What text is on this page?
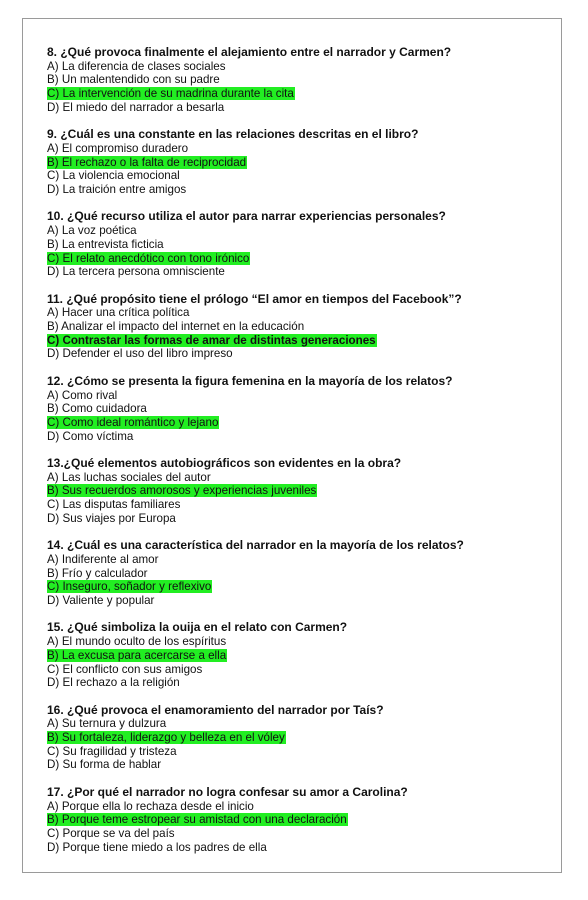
8. ¿Qué provoca finalmente el alejamiento entre el narrador y Carmen?
A) La diferencia de clases sociales
B) Un malentendido con su padre
C) La intervención de su madrina durante la cita
D) El miedo del narrador a besarla
9. ¿Cuál es una constante en las relaciones descritas en el libro?
A) El compromiso duradero
B) El rechazo o la falta de reciprocidad
C) La violencia emocional
D) La traición entre amigos
10. ¿Qué recurso utiliza el autor para narrar experiencias personales?
A) La voz poética
B) La entrevista ficticia
C) El relato anecdótico con tono irónico
D) La tercera persona omnisciente
11. ¿Qué propósito tiene el prólogo “El amor en tiempos del Facebook”?
A) Hacer una crítica política
B) Analizar el impacto del internet en la educación
C) Contrastar las formas de amar de distintas generaciones
D) Defender el uso del libro impreso
12. ¿Cómo se presenta la figura femenina en la mayoría de los relatos?
A) Como rival
B) Como cuidadora
C) Como ideal romántico y lejano
D) Como víctima
13.¿Qué elementos autobiográficos son evidentes en la obra?
A) Las luchas sociales del autor
B) Sus recuerdos amorosos y experiencias juveniles
C) Las disputas familiares
D) Sus viajes por Europa
14. ¿Cuál es una característica del narrador en la mayoría de los relatos?
A) Indiferente al amor
B) Frío y calculador
C) Inseguro, soñador y reflexivo
D) Valiente y popular
15. ¿Qué simboliza la ouija en el relato con Carmen?
A) El mundo oculto de los espíritus
B) La excusa para acercarse a ella
C) El conflicto con sus amigos
D) El rechazo a la religión
16. ¿Qué provoca el enamoramiento del narrador por Taís?
A) Su ternura y dulzura
B) Su fortaleza, liderazgo y belleza en el vóley
C) Su fragilidad y tristeza
D) Su forma de hablar
17. ¿Por qué el narrador no logra confesar su amor a Carolina?
A) Porque ella lo rechaza desde el inicio
B) Porque teme estropear su amistad con una declaración
C) Porque se va del país
D) Porque tiene miedo a los padres de ella
